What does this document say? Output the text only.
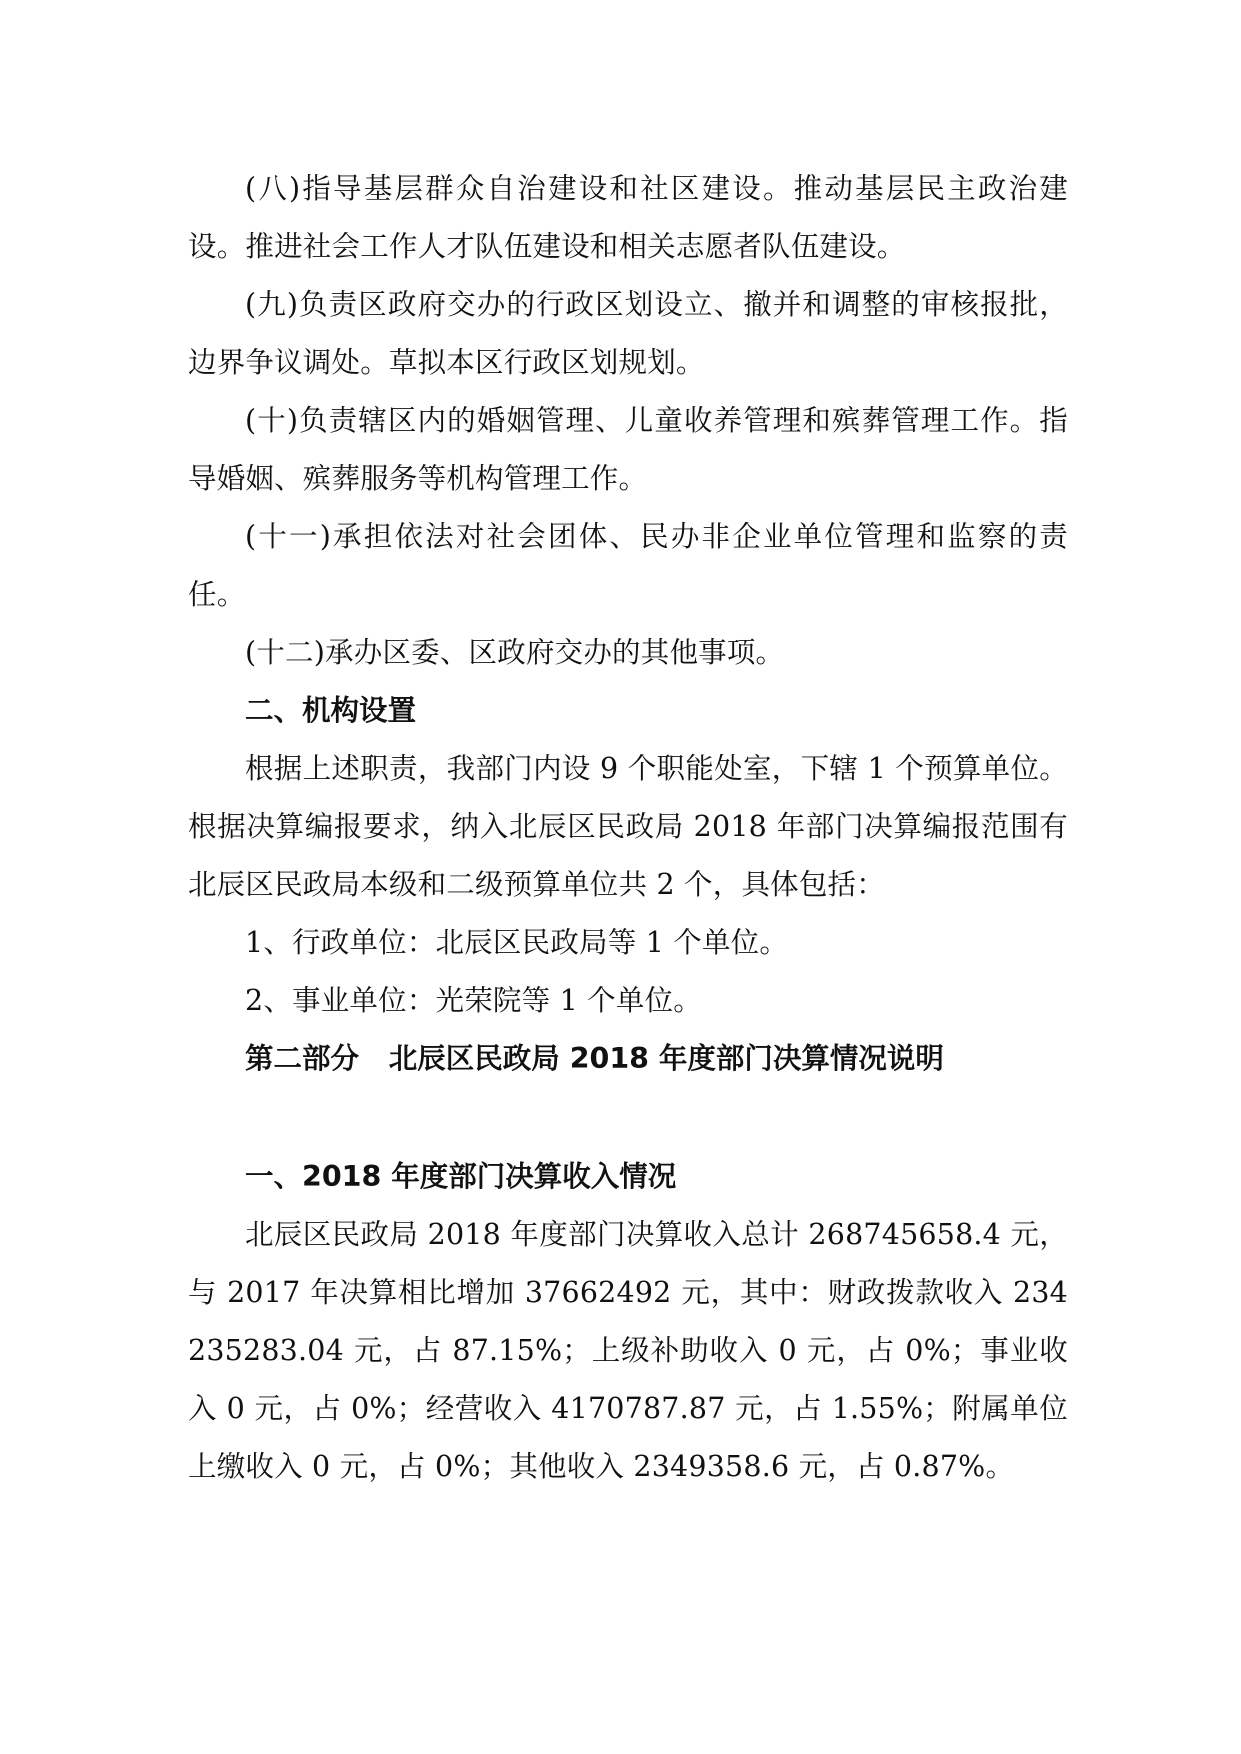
(八)指导基层群众自治建设和社区建设。推动基层民主政治建设。推进社会工作人才队伍建设和相关志愿者队伍建设。

(九)负责区政府交办的行政区划设立、撤并和调整的审核报批，边界争议调处。草拟本区行政区划规划。

(十)负责辖区内的婚姻管理、儿童收养管理和殡葬管理工作。指导婚姻、殡葬服务等机构管理工作。

(十一)承担依法对社会团体、民办非企业单位管理和监察的责任。

(十二)承办区委、区政府交办的其他事项。

二、机构设置

根据上述职责，我部门内设 9 个职能处室，下辖 1 个预算单位。根据决算编报要求，纳入北辰区民政局 2018 年部门决算编报范围有北辰区民政局本级和二级预算单位共 2 个，具体包括：

1、行政单位：北辰区民政局等 1 个单位。

2、事业单位：光荣院等 1 个单位。

第二部分   北辰区民政局 2018 年度部门决算情况说明

一、2018 年度部门决算收入情况

北辰区民政局 2018 年度部门决算收入总计 268745658.4 元，与 2017 年决算相比增加 37662492 元，其中：财政拨款收入 234235283.04 元，占 87.15%；上级补助收入 0 元，占 0%；事业收入 0 元，占 0%；经营收入 4170787.87 元，占 1.55%；附属单位上缴收入 0 元，占 0%；其他收入 2349358.6 元，占 0.87%。
